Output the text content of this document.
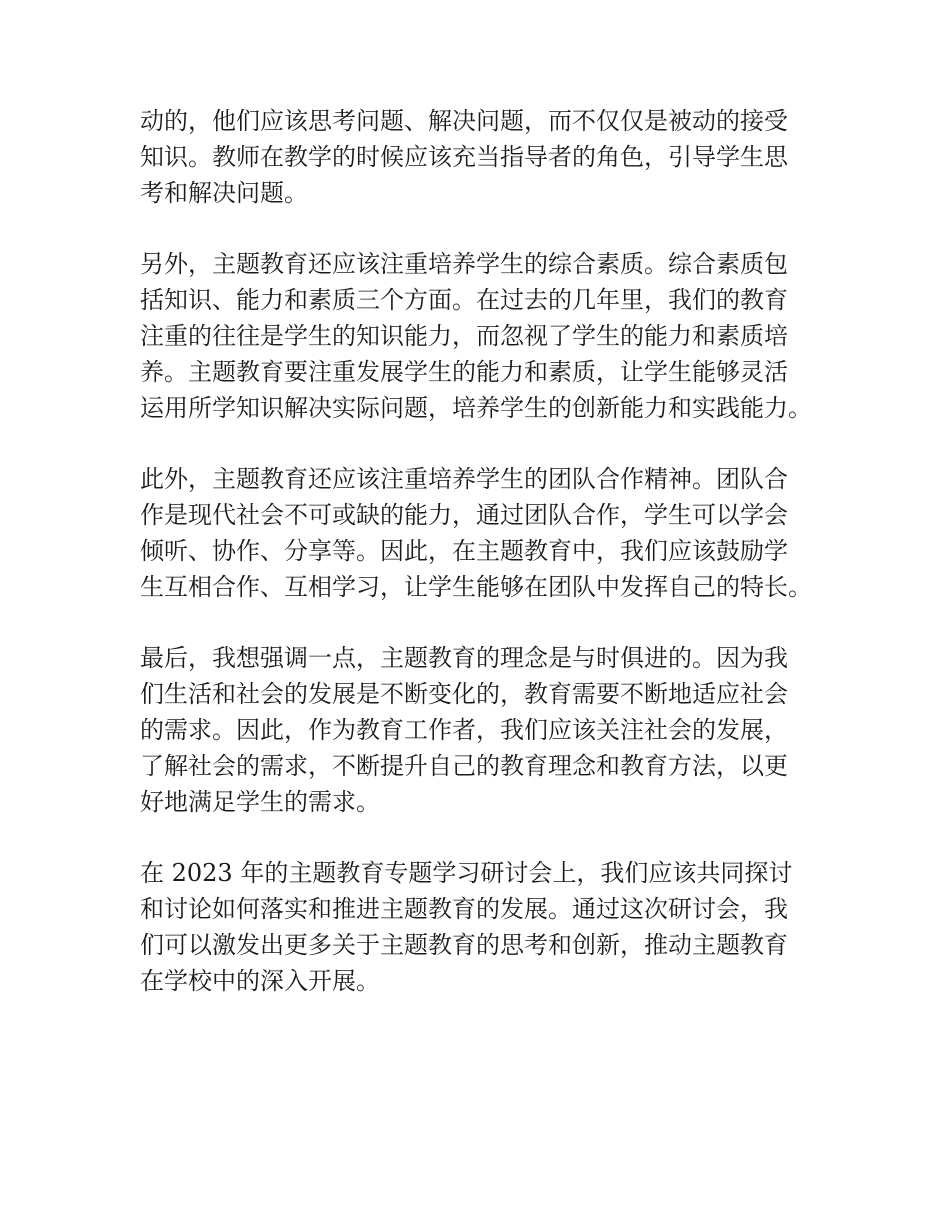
动的，他们应该思考问题、解决问题，而不仅仅是被动的接受
知识。教师在教学的时候应该充当指导者的角色，引导学生思
考和解决问题。

另外，主题教育还应该注重培养学生的综合素质。综合素质包
括知识、能力和素质三个方面。在过去的几年里，我们的教育
注重的往往是学生的知识能力，而忽视了学生的能力和素质培
养。主题教育要注重发展学生的能力和素质，让学生能够灵活
运用所学知识解决实际问题，培养学生的创新能力和实践能力。

此外，主题教育还应该注重培养学生的团队合作精神。团队合
作是现代社会不可或缺的能力，通过团队合作，学生可以学会
倾听、协作、分享等。因此，在主题教育中，我们应该鼓励学
生互相合作、互相学习，让学生能够在团队中发挥自己的特长。

最后，我想强调一点，主题教育的理念是与时俱进的。因为我
们生活和社会的发展是不断变化的，教育需要不断地适应社会
的需求。因此，作为教育工作者，我们应该关注社会的发展，
了解社会的需求，不断提升自己的教育理念和教育方法，以更
好地满足学生的需求。

在 2023 年的主题教育专题学习研讨会上，我们应该共同探讨
和讨论如何落实和推进主题教育的发展。通过这次研讨会，我
们可以激发出更多关于主题教育的思考和创新，推动主题教育
在学校中的深入开展。
